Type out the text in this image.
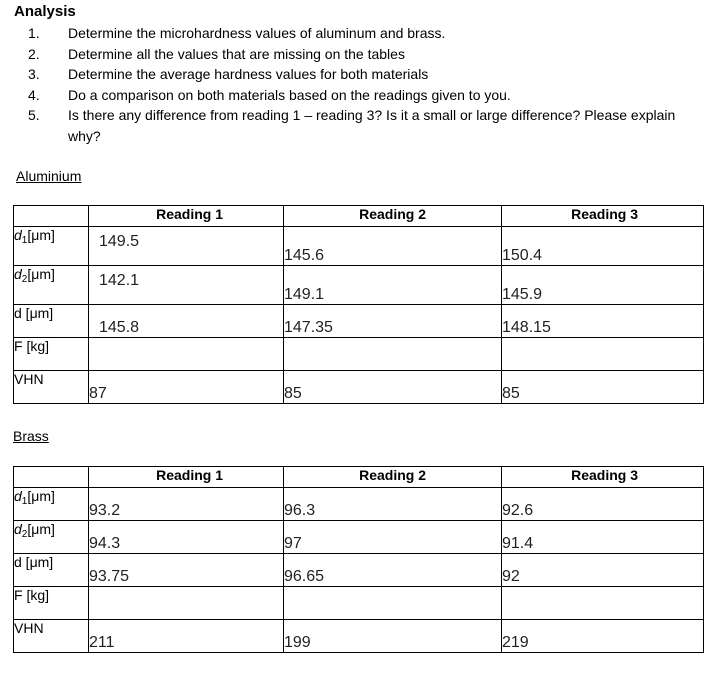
Analysis
1.	Determine the microhardness values of aluminum and brass.
2.	Determine all the values that are missing on the tables
3.	Determine the average hardness values for both materials
4.	Do a comparison on both materials based on the readings given to you.
5.	Is there any difference from reading 1 – reading 3? Is it a small or large difference? Please explain why?
Aluminium
	Reading 1	Reading 2	Reading 3
$d_1[\mu m]$	149.5	145.6	150.4
$d_2[\mu m]$	142.1	149.1	145.9
d [μm]	145.8	147.35	148.15
F [kg]			
VHN	87	85	85
Brass
	Reading 1	Reading 2	Reading 3
$d_1[\mu m]$	93.2	96.3	92.6
$d_2[\mu m]$	94.3	97	91.4
d [μm]	93.75	96.65	92
F [kg]			
VHN	211	199	219
